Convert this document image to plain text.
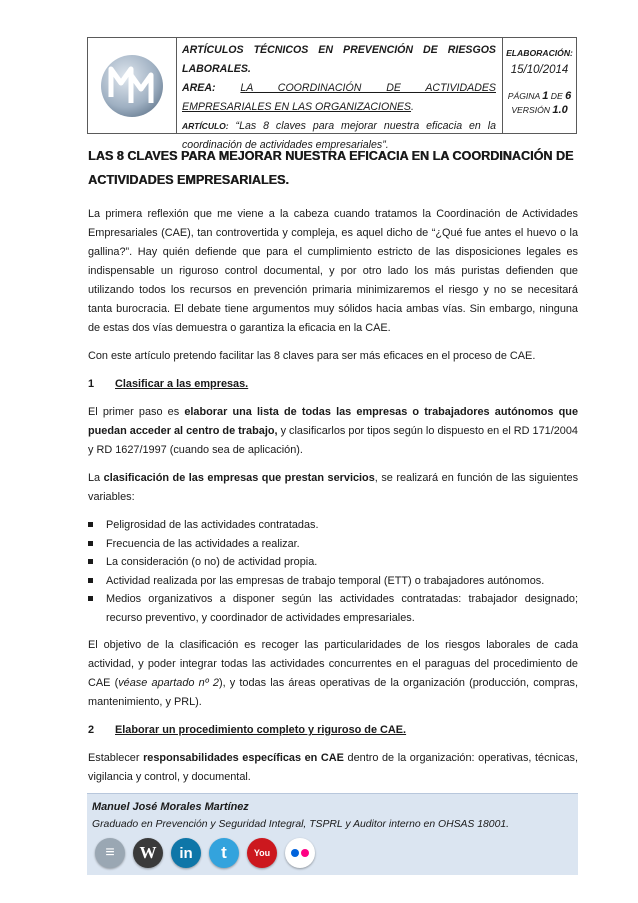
ARTÍCULOS TÉCNICOS EN PREVENCIÓN DE RIESGOS LABORALES.
AREA: LA COORDINACIÓN DE ACTIVIDADES EMPRESARIALES EN LAS ORGANIZACIONES.
ARTÍCULO: “Las 8 claves para mejorar nuestra eficacia en la coordinación de actividades empresariales”.
ELABORACIÓN:
15/10/2014
PÁGINA 1 DE 6
VERSIÓN 1.0
LAS 8 CLAVES PARA MEJORAR NUESTRA EFICACIA EN LA COORDINACIÓN DE ACTIVIDADES EMPRESARIALES.

La primera reflexión que me viene a la cabeza cuando tratamos la Coordinación de Actividades Empresariales (CAE), tan controvertida y compleja, es aquel dicho de “¿Qué fue antes el huevo o la gallina?”. Hay quién defiende que para el cumplimiento estricto de las disposiciones legales es indispensable un riguroso control documental, y por otro lado los más puristas defienden que utilizando todos los recursos en prevención primaria minimizaremos el riesgo y no se necesitará tanta burocracia. El debate tiene argumentos muy sólidos hacia ambas vías. Sin embargo, ninguna de estas dos vías demuestra o garantiza la eficacia en la CAE.

Con este artículo pretendo facilitar las 8 claves para ser más eficaces en el proceso de CAE.

1	Clasificar a las empresas.

El primer paso es elaborar una lista de todas las empresas o trabajadores autónomos que puedan acceder al centro de trabajo, y clasificarlos por tipos según lo dispuesto en el RD 171/2004 y RD 1627/1997 (cuando sea de aplicación).

La clasificación de las empresas que prestan servicios, se realizará en función de las siguientes variables:

Peligrosidad de las actividades contratadas.
Frecuencia de las actividades a realizar.
La consideración (o no) de actividad propia.
Actividad realizada por las empresas de trabajo temporal (ETT) o trabajadores autónomos.
Medios organizativos a disponer según las actividades contratadas: trabajador designado; recurso preventivo, y coordinador de actividades empresariales.

El objetivo de la clasificación es recoger las particularidades de los riesgos laborales de cada actividad, y poder integrar todas las actividades concurrentes en el paraguas del procedimiento de CAE (véase apartado nº 2), y todas las áreas operativas de la organización (producción, compras, mantenimiento, y PRL).

2	Elaborar un procedimiento completo y riguroso de CAE.

Establecer responsabilidades específicas en CAE dentro de la organización: operativas, técnicas, vigilancia y control, y documental.

Manuel José Morales Martínez
Graduado en Prevención y Seguridad Integral, TSPRL y Auditor interno en OHSAS 18001.
≡	W	in	t	You
